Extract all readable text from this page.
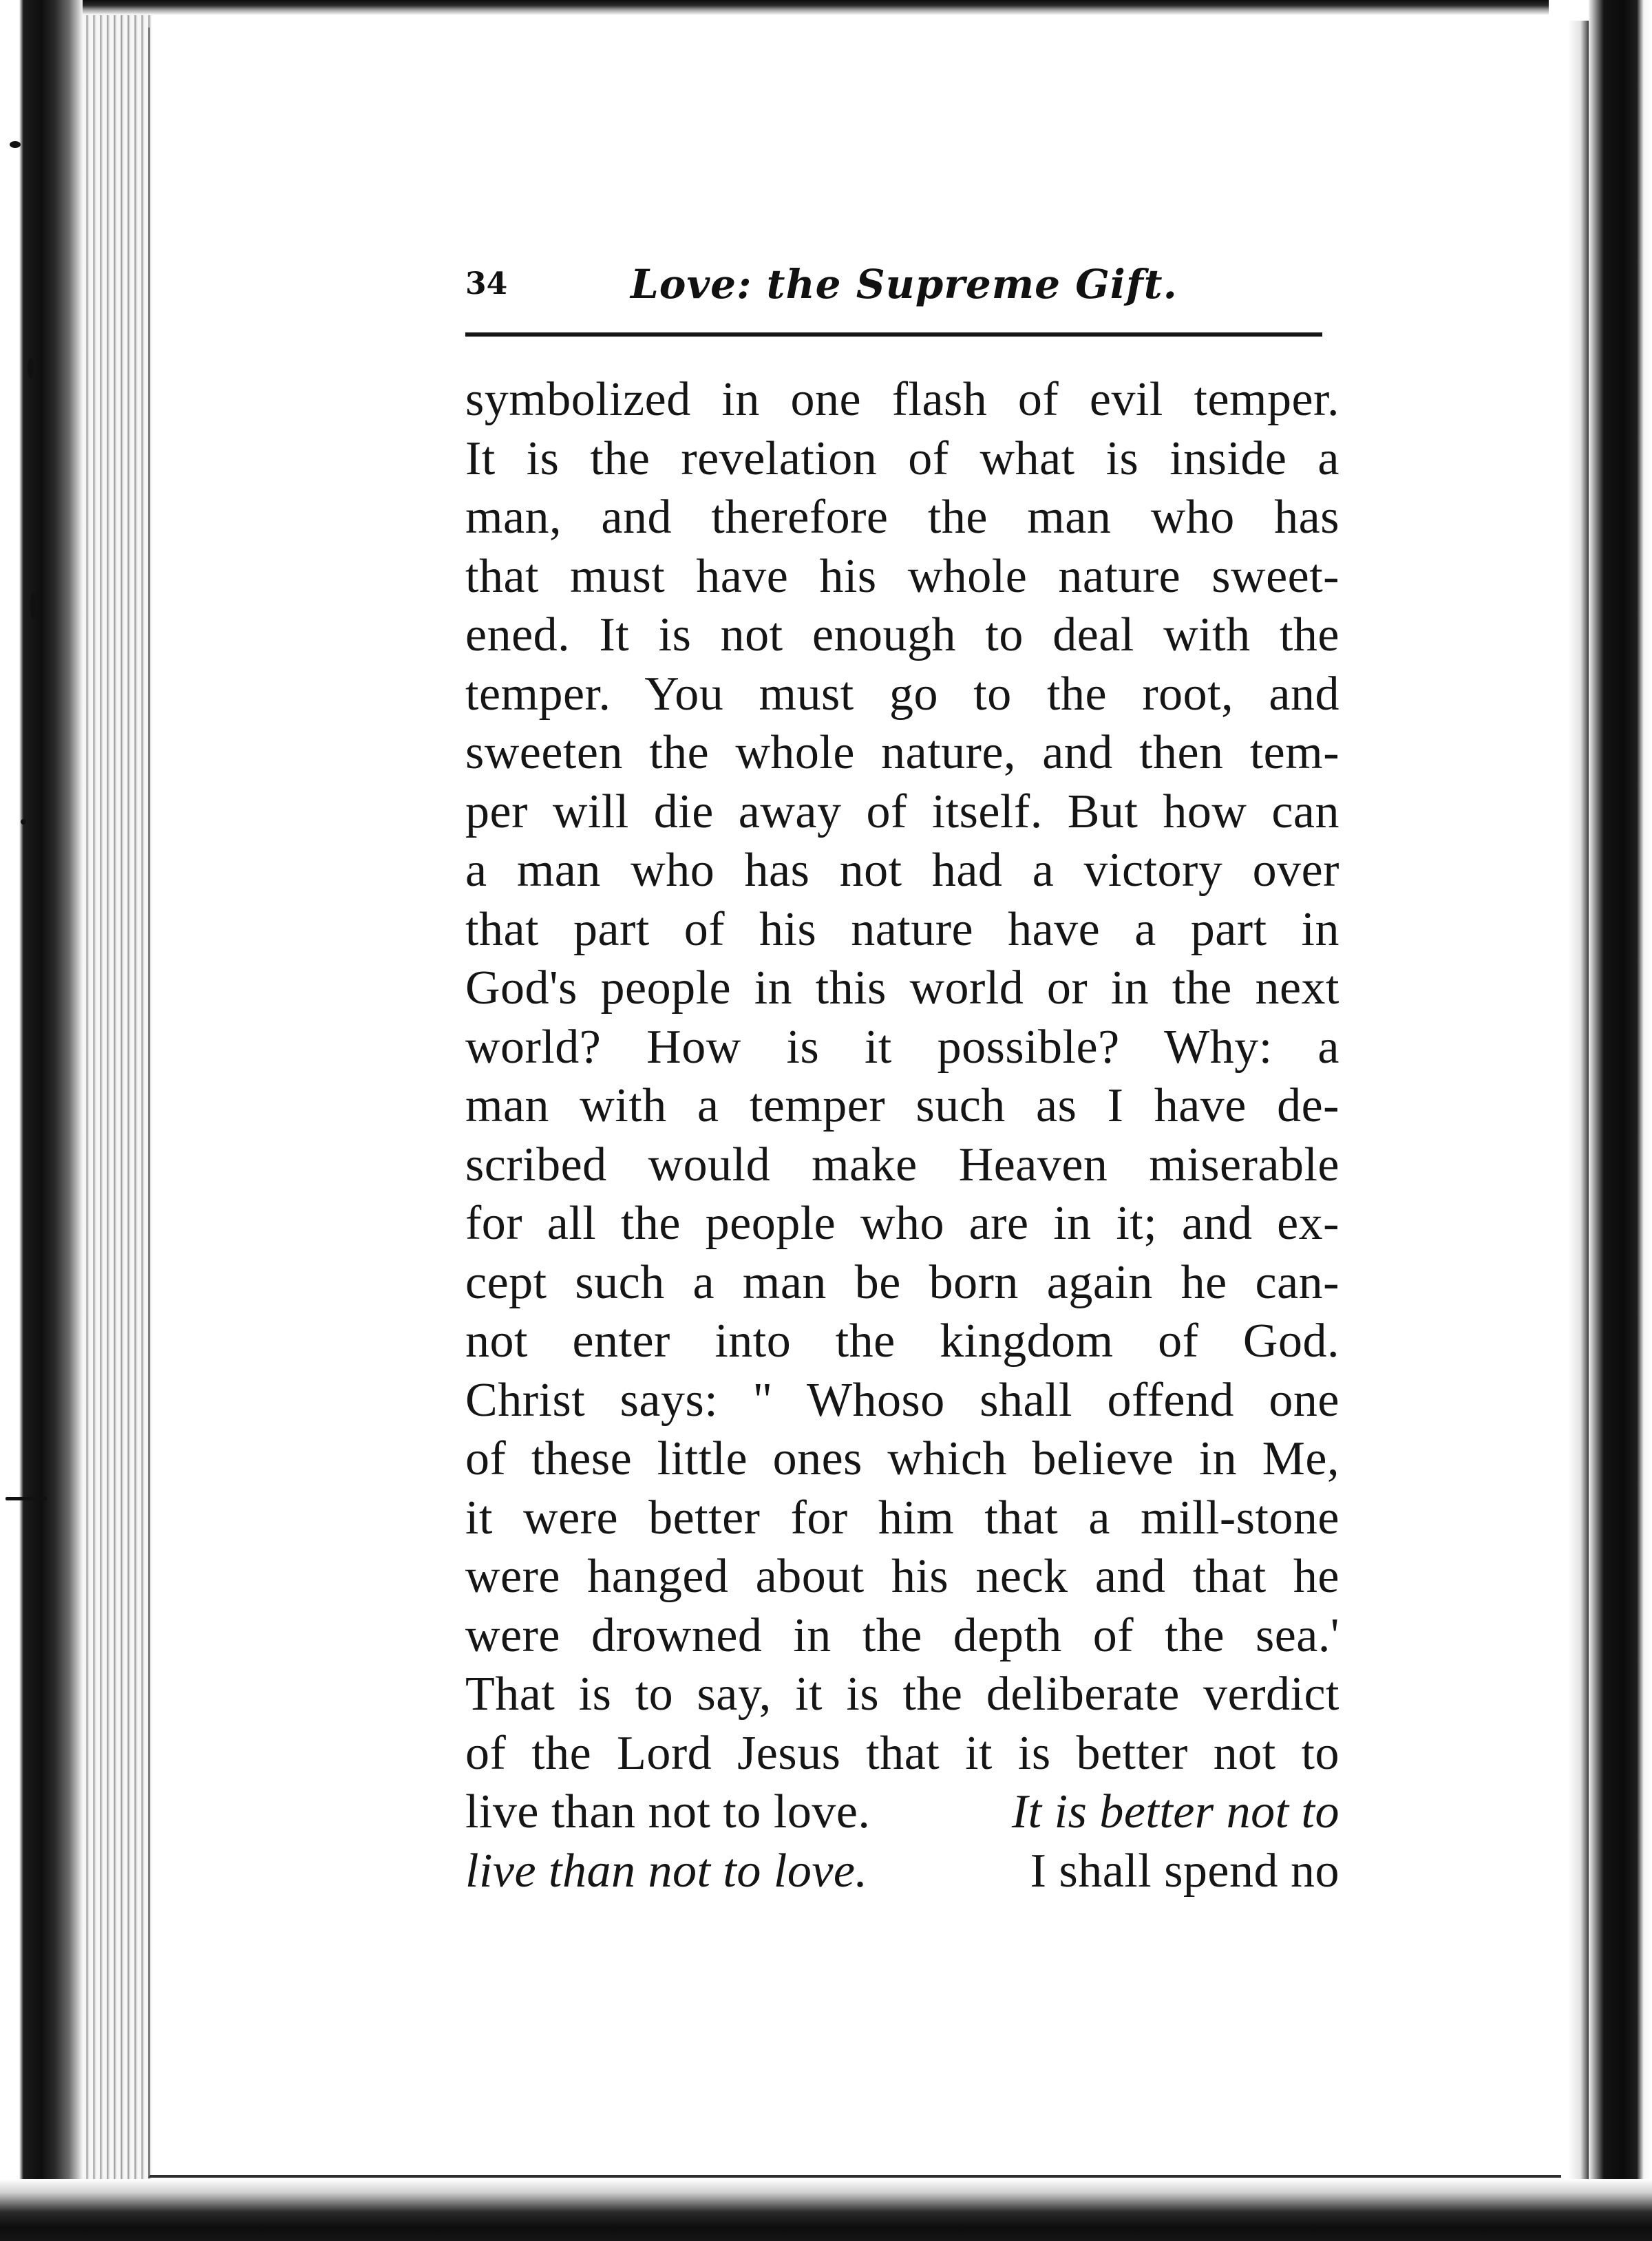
34	Love: the Supreme Gift.
symbolized in one flash of evil temper.
It is the revelation of what is inside a
man, and therefore the man who has
that must have his whole nature sweet-
ened. It is not enough to deal with the
temper. You must go to the root, and
sweeten the whole nature, and then tem-
per will die away of itself. But how can
a man who has not had a victory over
that part of his nature have a part in
God's people in this world or in the next
world? How is it possible? Why: a
man with a temper such as I have de-
scribed would make Heaven miserable
for all the people who are in it; and ex-
cept such a man be born again he can-
not enter into the kingdom of God.
Christ says: " Whoso shall offend one
of these little ones which believe in Me,
it were better for him that a mill-stone
were hanged about his neck and that he
were drowned in the depth of the sea.'
That is to say, it is the deliberate verdict
of the Lord Jesus that it is better not to
live than not to love.	It is better not to
live than not to love.	I shall spend no
